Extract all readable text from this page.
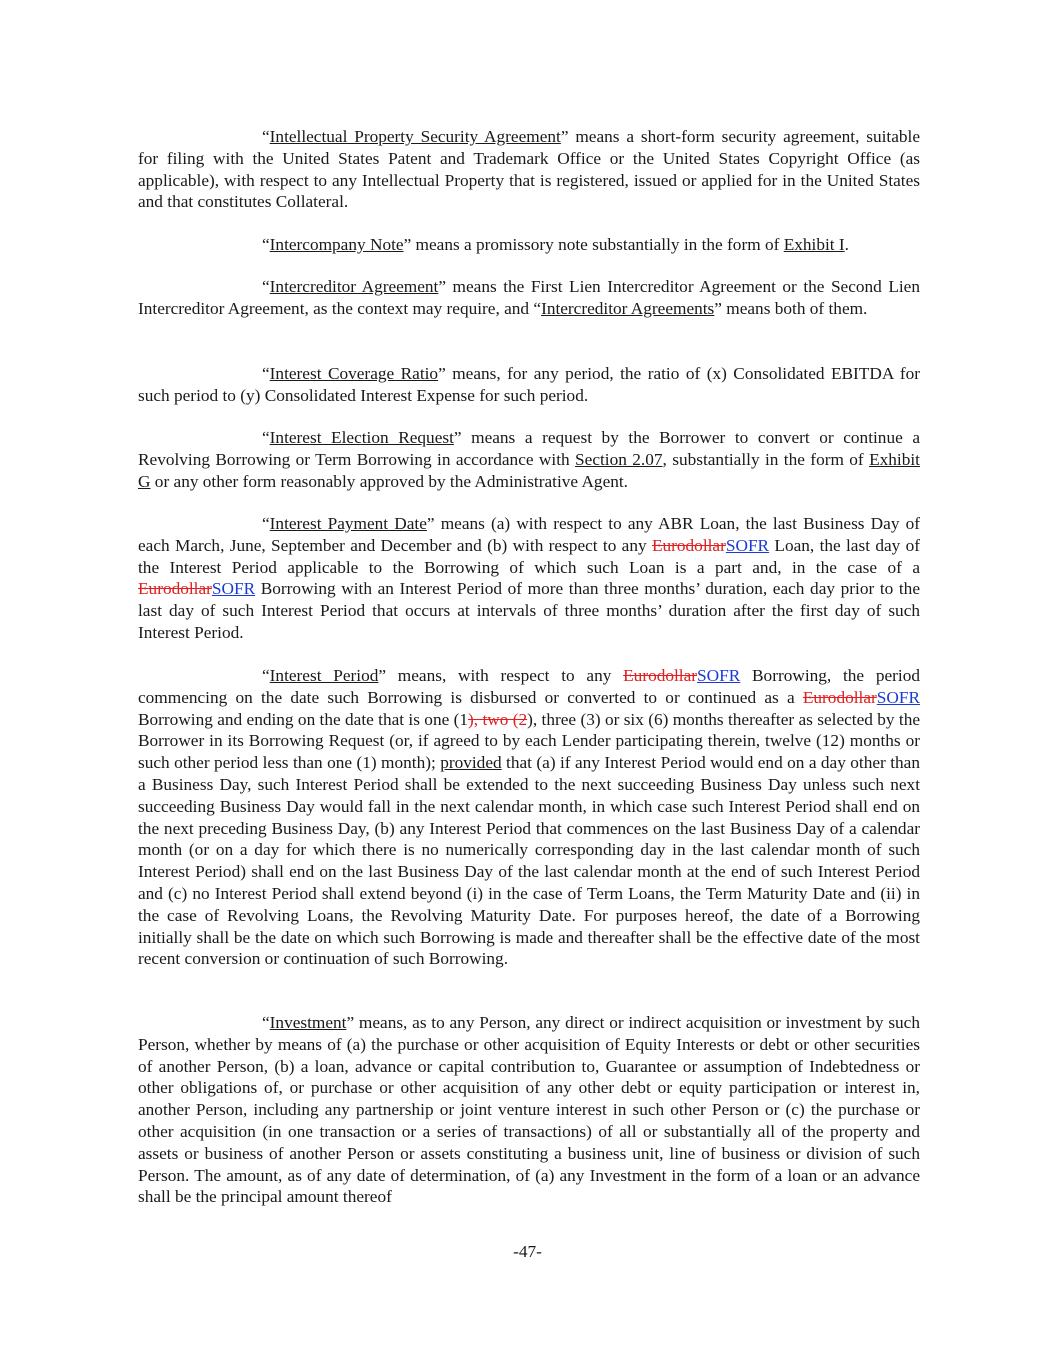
“Intellectual Property Security Agreement” means a short-form security agreement, suitable for filing with the United States Patent and Trademark Office or the United States Copyright Office (as applicable), with respect to any Intellectual Property that is registered, issued or applied for in the United States and that constitutes Collateral.

“Intercompany Note” means a promissory note substantially in the form of Exhibit I.

“Intercreditor Agreement” means the First Lien Intercreditor Agreement or the Second Lien Intercreditor Agreement, as the context may require, and “Intercreditor Agreements” means both of them.

“Interest Coverage Ratio” means, for any period, the ratio of (x) Consolidated EBITDA for such period to (y) Consolidated Interest Expense for such period.

“Interest Election Request” means a request by the Borrower to convert or continue a Revolving Borrowing or Term Borrowing in accordance with Section 2.07, substantially in the form of Exhibit G or any other form reasonably approved by the Administrative Agent.

“Interest Payment Date” means (a) with respect to any ABR Loan, the last Business Day of each March, June, September and December and (b) with respect to any EurodollarSOFR Loan, the last day of the Interest Period applicable to the Borrowing of which such Loan is a part and, in the case of a EurodollarSOFR Borrowing with an Interest Period of more than three months’ duration, each day prior to the last day of such Interest Period that occurs at intervals of three months’ duration after the first day of such Interest Period.

“Interest Period” means, with respect to any EurodollarSOFR Borrowing, the period commencing on the date such Borrowing is disbursed or converted to or continued as a EurodollarSOFR Borrowing and ending on the date that is one (1), two (2), three (3) or six (6) months thereafter as selected by the Borrower in its Borrowing Request (or, if agreed to by each Lender participating therein, twelve (12) months or such other period less than one (1) month); provided that (a) if any Interest Period would end on a day other than a Business Day, such Interest Period shall be extended to the next succeeding Business Day unless such next succeeding Business Day would fall in the next calendar month, in which case such Interest Period shall end on the next preceding Business Day, (b) any Interest Period that commences on the last Business Day of a calendar month (or on a day for which there is no numerically corresponding day in the last calendar month of such Interest Period) shall end on the last Business Day of the last calendar month at the end of such Interest Period and (c) no Interest Period shall extend beyond (i) in the case of Term Loans, the Term Maturity Date and (ii) in the case of Revolving Loans, the Revolving Maturity Date. For purposes hereof, the date of a Borrowing initially shall be the date on which such Borrowing is made and thereafter shall be the effective date of the most recent conversion or continuation of such Borrowing.

“Investment” means, as to any Person, any direct or indirect acquisition or investment by such Person, whether by means of (a) the purchase or other acquisition of Equity Interests or debt or other securities of another Person, (b) a loan, advance or capital contribution to, Guarantee or assumption of Indebtedness or other obligations of, or purchase or other acquisition of any other debt or equity participation or interest in, another Person, including any partnership or joint venture interest in such other Person or (c) the purchase or other acquisition (in one transaction or a series of transactions) of all or substantially all of the property and assets or business of another Person or assets constituting a business unit, line of business or division of such Person. The amount, as of any date of determination, of (a) any Investment in the form of a loan or an advance shall be the principal amount thereof

-47-
